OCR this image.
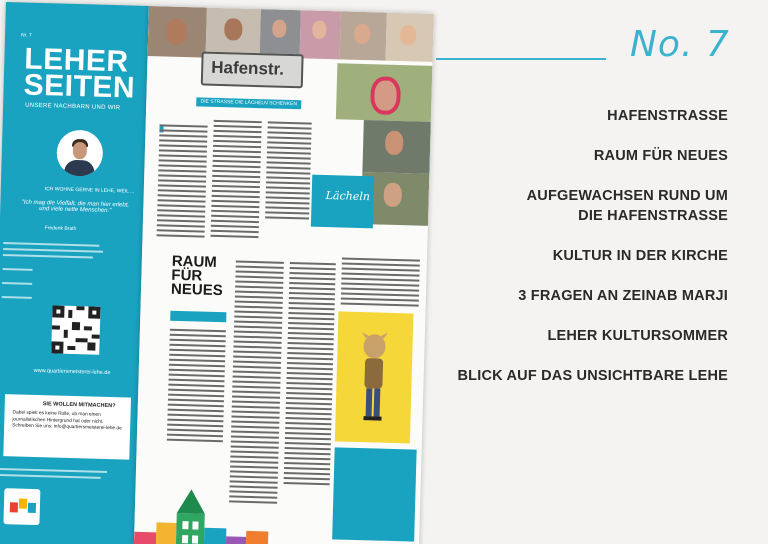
Nr. 7
LEHER
SEITEN
UNSERE NACHBARN UND WIR
ICH WOHNE GERNE IN LEHE, WEIL ...
"Ich mag die Vielfalt, die man hier erlebt, und viele nette Menschen."
Frederik Brath
www.quartiersmeisterei-lehe.de
SIE WOLLEN MITMACHEN?
Dabei spielt es keine Rolle, ob man einen journalistischen Hintergrund hat oder nicht. Schreiben Sie uns: info@quartiersmeisterei-lehe.de
Hafenstr.
DIE STRASSE DIE LÄCHELN SCHENKEN
Lächeln
RAUM FÜR NEUES
No. 7
HAFENSTRASSE
RAUM FÜR NEUES
AUFGEWACHSEN RUND UM
DIE HAFENSTRASSE
KULTUR IN DER KIRCHE
3 FRAGEN AN ZEINAB MARJI
LEHER KULTURSOMMER
BLICK AUF DAS UNSICHTBARE LEHE
